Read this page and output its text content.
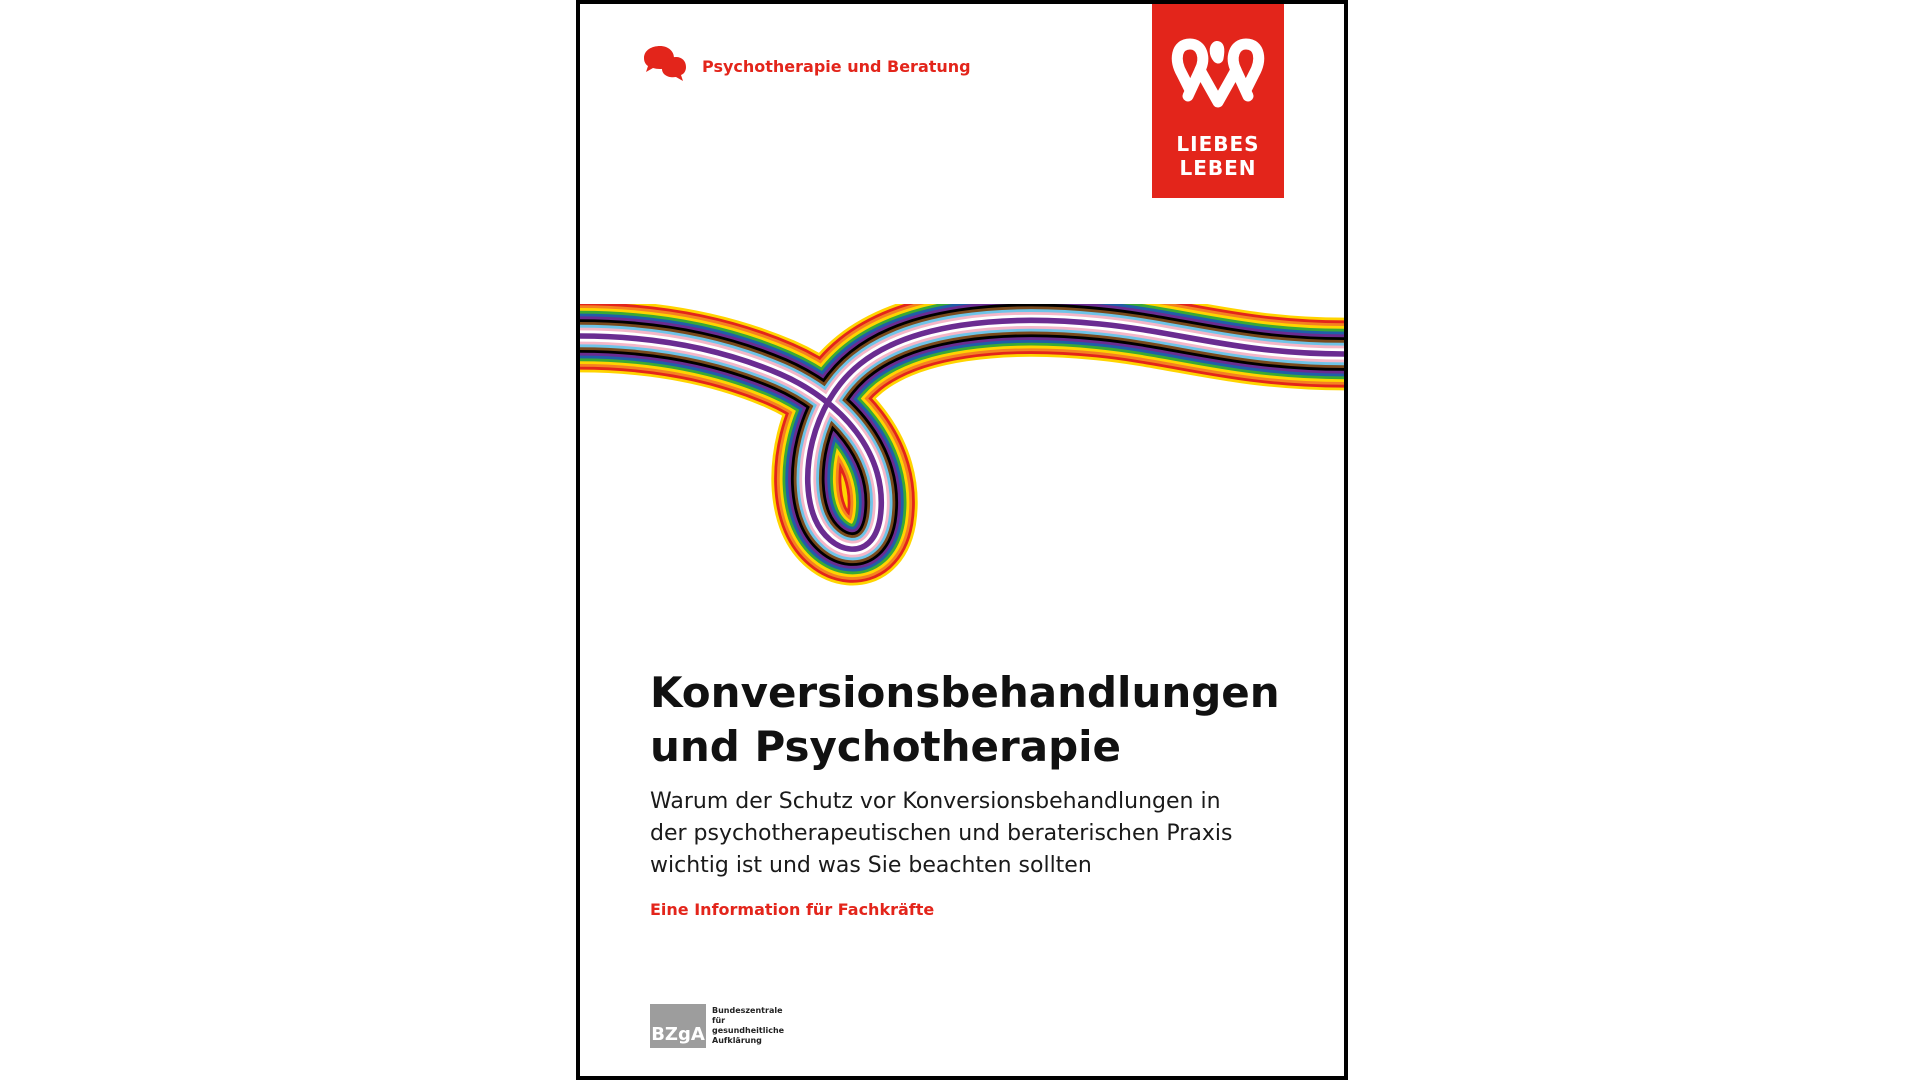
Psychotherapie und Beratung
LIEBES
LEBEN
Konversionsbehandlungen
und Psychotherapie
Warum der Schutz vor Konversionsbehandlungen in
der psychotherapeutischen und beraterischen Praxis
wichtig ist und was Sie beachten sollten
Eine Information für Fachkräfte
BZgA
Bundeszentrale
für
gesundheitliche
Aufklärung
